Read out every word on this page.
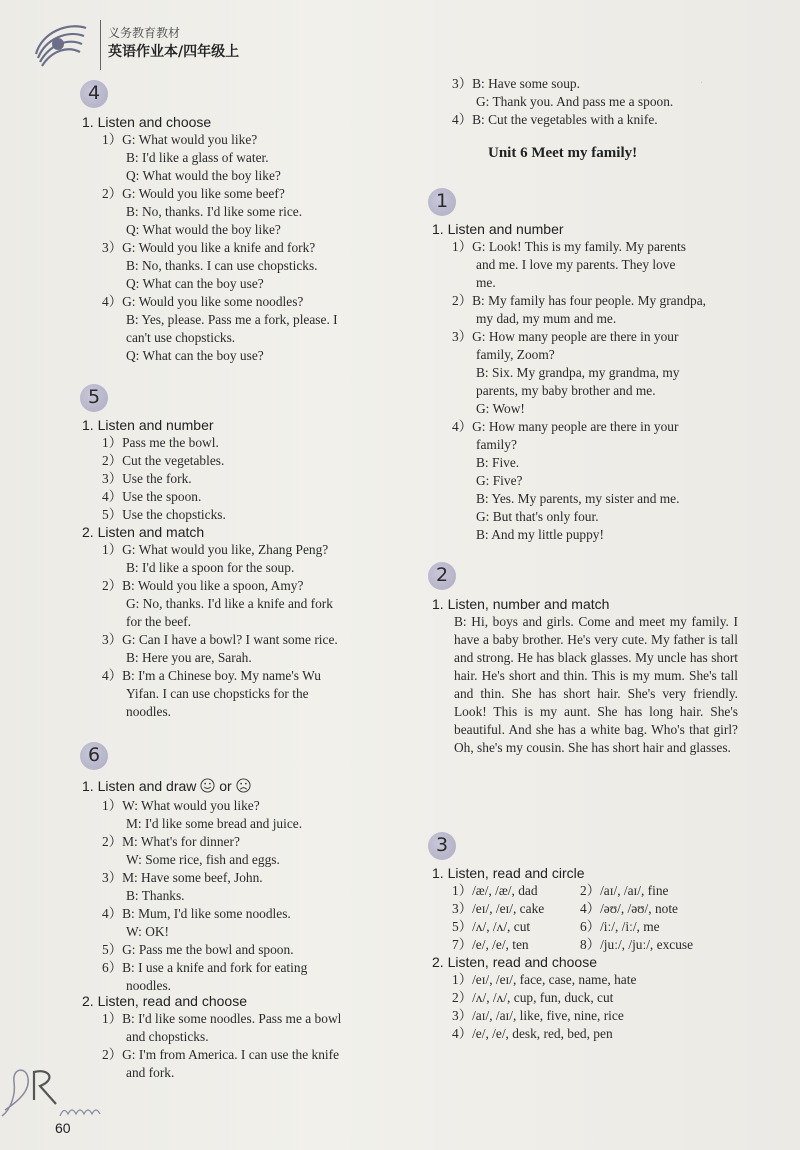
义务教育教材
英语作业本/四年级上
4
1. Listen and choose
1）G: What would you like?
B: I'd like a glass of water.
Q: What would the boy like?
2）G: Would you like some beef?
B: No, thanks. I'd like some rice.
Q: What would the boy like?
3）G: Would you like a knife and fork?
B: No, thanks. I can use chopsticks.
Q: What can the boy use?
4）G: Would you like some noodles?
B: Yes, please. Pass me a fork, please. I
can't use chopsticks.
Q: What can the boy use?
5
1. Listen and number
1）Pass me the bowl.
2）Cut the vegetables.
3）Use the fork.
4）Use the spoon.
5）Use the chopsticks.
2. Listen and match
1）G: What would you like, Zhang Peng?
B: I'd like a spoon for the soup.
2）B: Would you like a spoon, Amy?
G: No, thanks. I'd like a knife and fork
for the beef.
3）G: Can I have a bowl? I want some rice.
B: Here you are, Sarah.
4）B: I'm a Chinese boy. My name's Wu
Yifan. I can use chopsticks for the
noodles.
6
1. Listen and draw or
1）W: What would you like?
M: I'd like some bread and juice.
2）M: What's for dinner?
W: Some rice, fish and eggs.
3）M: Have some beef, John.
B: Thanks.
4）B: Mum, I'd like some noodles.
W: OK!
5）G: Pass me the bowl and spoon.
6）B: I use a knife and fork for eating
noodles.
2. Listen, read and choose
1）B: I'd like some noodles. Pass me a bowl
and chopsticks.
2）G: I'm from America. I can use the knife
and fork.
3）B: Have some soup.
G: Thank you. And pass me a spoon.
4）B: Cut the vegetables with a knife.
Unit 6 Meet my family!
1
1. Listen and number
1）G: Look! This is my family. My parents
and me. I love my parents. They love
me.
2）B: My family has four people. My grandpa,
my dad, my mum and me.
3）G: How many people are there in your
family, Zoom?
B: Six. My grandpa, my grandma, my
parents, my baby brother and me.
G: Wow!
4）G: How many people are there in your
family?
B: Five.
G: Five?
B: Yes. My parents, my sister and me.
G: But that's only four.
B: And my little puppy!
2
1. Listen, number and match
B: Hi, boys and girls. Come and meet my family. I have a baby brother. He's very cute. My father is tall and strong. He has black glasses. My uncle has short hair. He's short and thin. This is my mum. She's tall and thin. She has short hair. She's very friendly. Look! This is my aunt. She has long hair. She's beautiful. And she has a white bag. Who's that girl? Oh, she's my cousin. She has short hair and glasses.
3
1. Listen, read and circle
1）/æ/, /æ/, dad	2）/aɪ/, /aɪ/, fine
3）/eɪ/, /eɪ/, cake	4）/əʊ/, /əʊ/, note
5）/ʌ/, /ʌ/, cut	6）/iː/, /iː/, me
7）/e/, /e/, ten	8）/juː/, /juː/, excuse
2. Listen, read and choose
1）/eɪ/, /eɪ/, face, case, name, hate
2）/ʌ/, /ʌ/, cup, fun, duck, cut
3）/aɪ/, /aɪ/, like, five, nine, rice
4）/e/, /e/, desk, red, bed, pen
60
·
